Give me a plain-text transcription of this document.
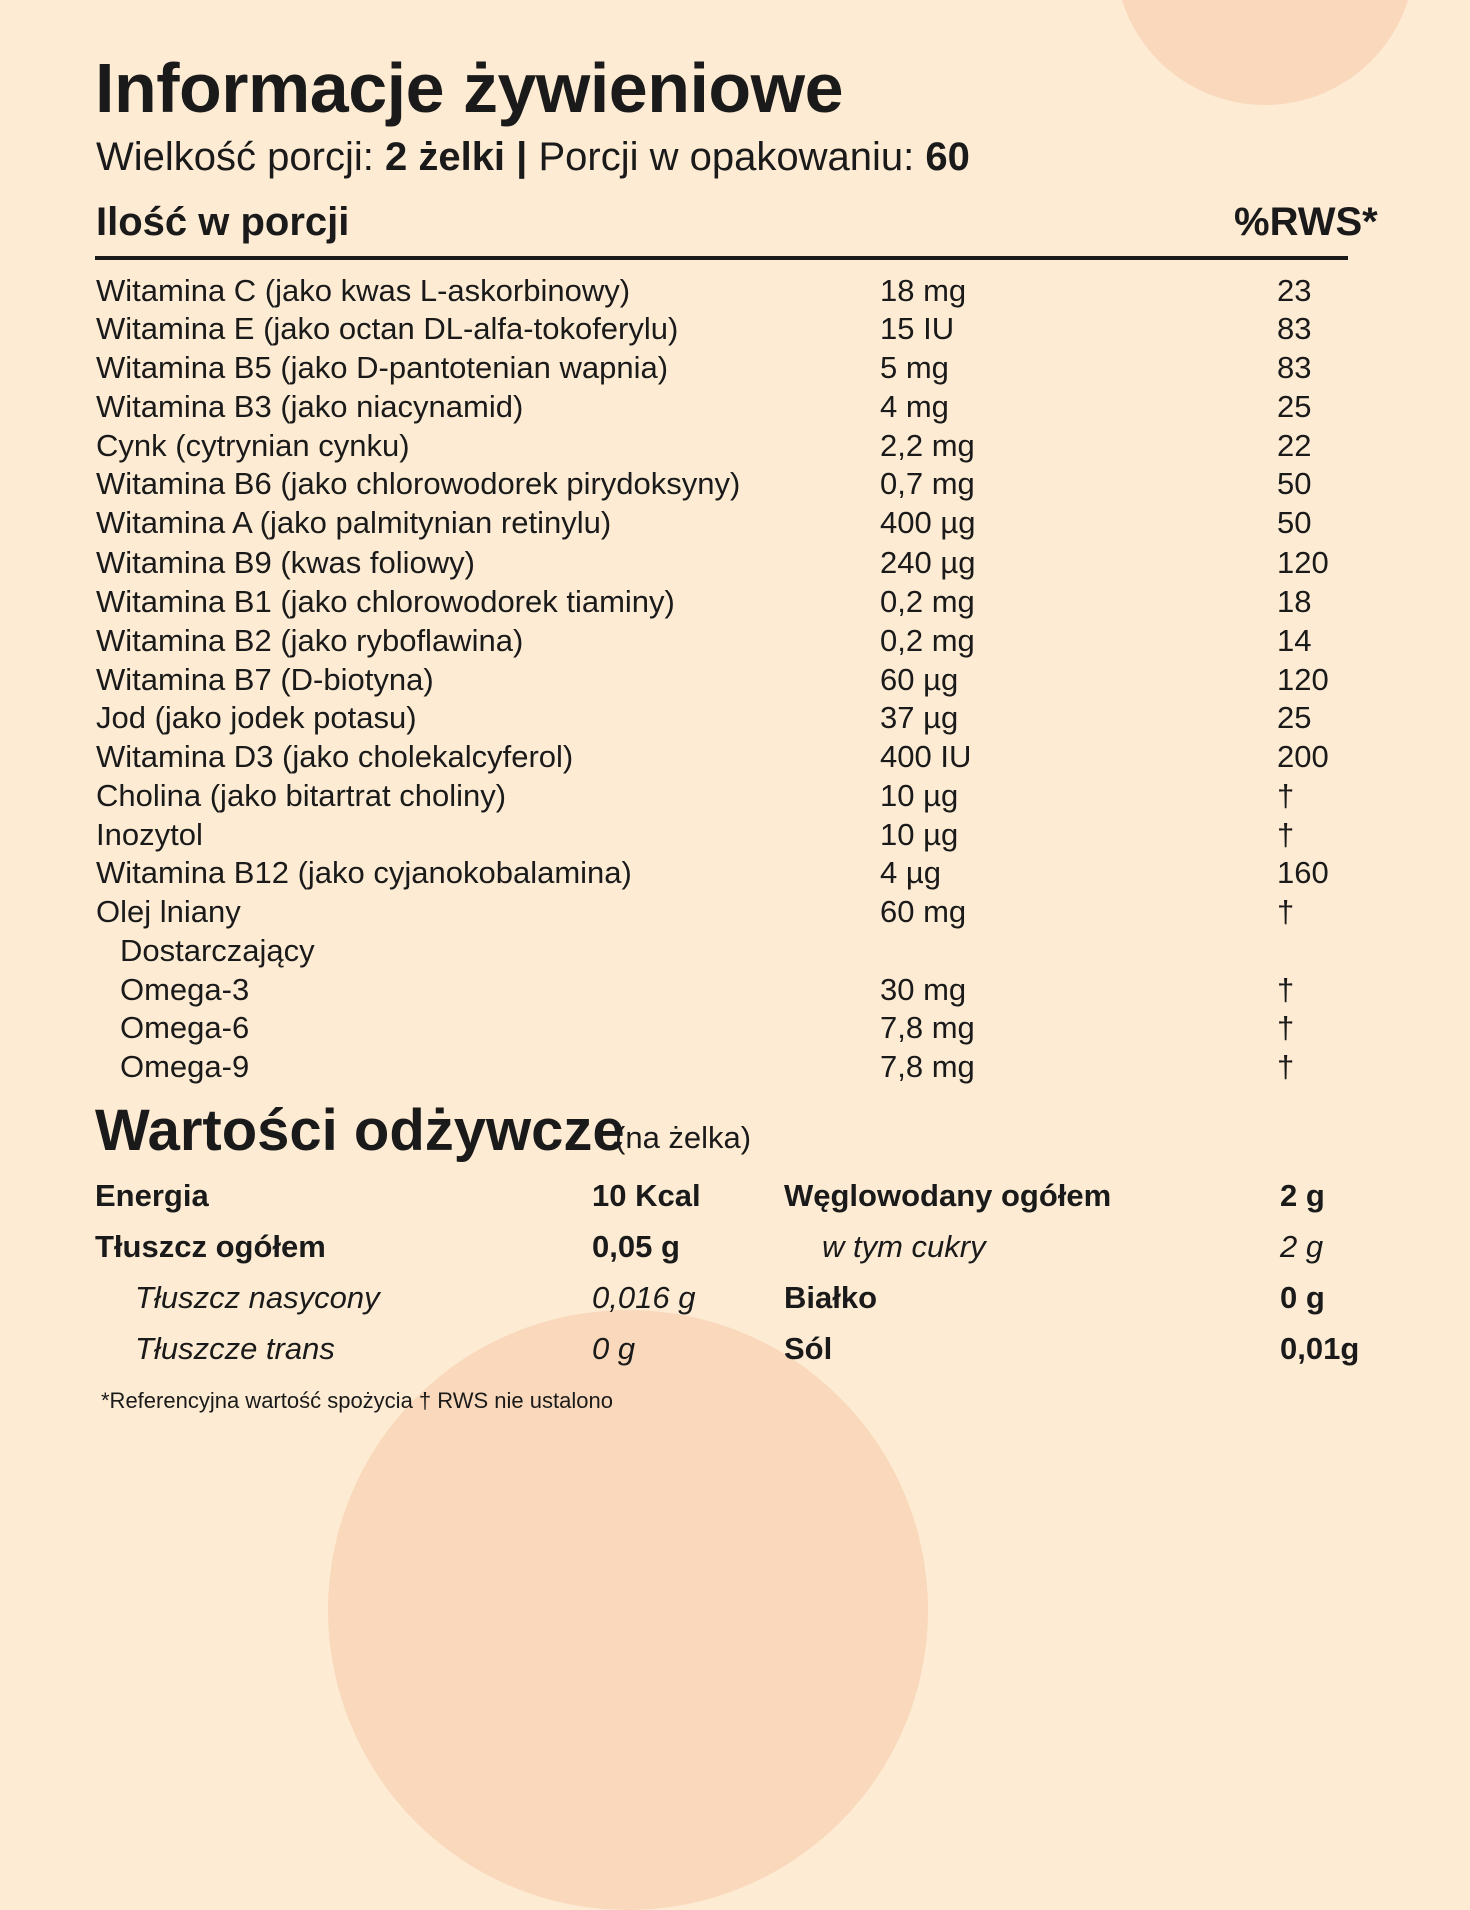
Informacje żywieniowe
Wielkość porcji: 2 żelki | Porcji w opakowaniu: 60
Ilość w porcji	%RWS*
Witamina C (jako kwas L-askorbinowy)	18 mg	23
Witamina E (jako octan DL-alfa-tokoferylu)	15 IU	83
Witamina B5 (jako D-pantotenian wapnia)	5 mg	83
Witamina B3 (jako niacynamid)	4 mg	25
Cynk (cytrynian cynku)	2,2 mg	22
Witamina B6 (jako chlorowodorek pirydoksyny)	0,7 mg	50
Witamina A (jako palmitynian retinylu)	400 µg	50
Witamina B9 (kwas foliowy)	240 µg	120
Witamina B1 (jako chlorowodorek tiaminy)	0,2 mg	18
Witamina B2 (jako ryboflawina)	0,2 mg	14
Witamina B7 (D-biotyna)	60 µg	120
Jod (jako jodek potasu)	37 µg	25
Witamina D3 (jako cholekalcyferol)	400 IU	200
Cholina (jako bitartrat choliny)	10 µg	†
Inozytol	10 µg	†
Witamina B12 (jako cyjanokobalamina)	4 µg	160
Olej lniany	60 mg	†
Dostarczający
Omega-3	30 mg	†
Omega-6	7,8 mg	†
Omega-9	7,8 mg	†
Wartości odżywcze
(na żelka)
Energia	10 Kcal
Tłuszcz ogółem	0,05 g
Tłuszcz nasycony	0,016 g
Tłuszcze trans	0 g
Węglowodany ogółem	2 g
w tym cukry	2 g
Białko	0 g
Sól	0,01g
*Referencyjna wartość spożycia † RWS nie ustalono
